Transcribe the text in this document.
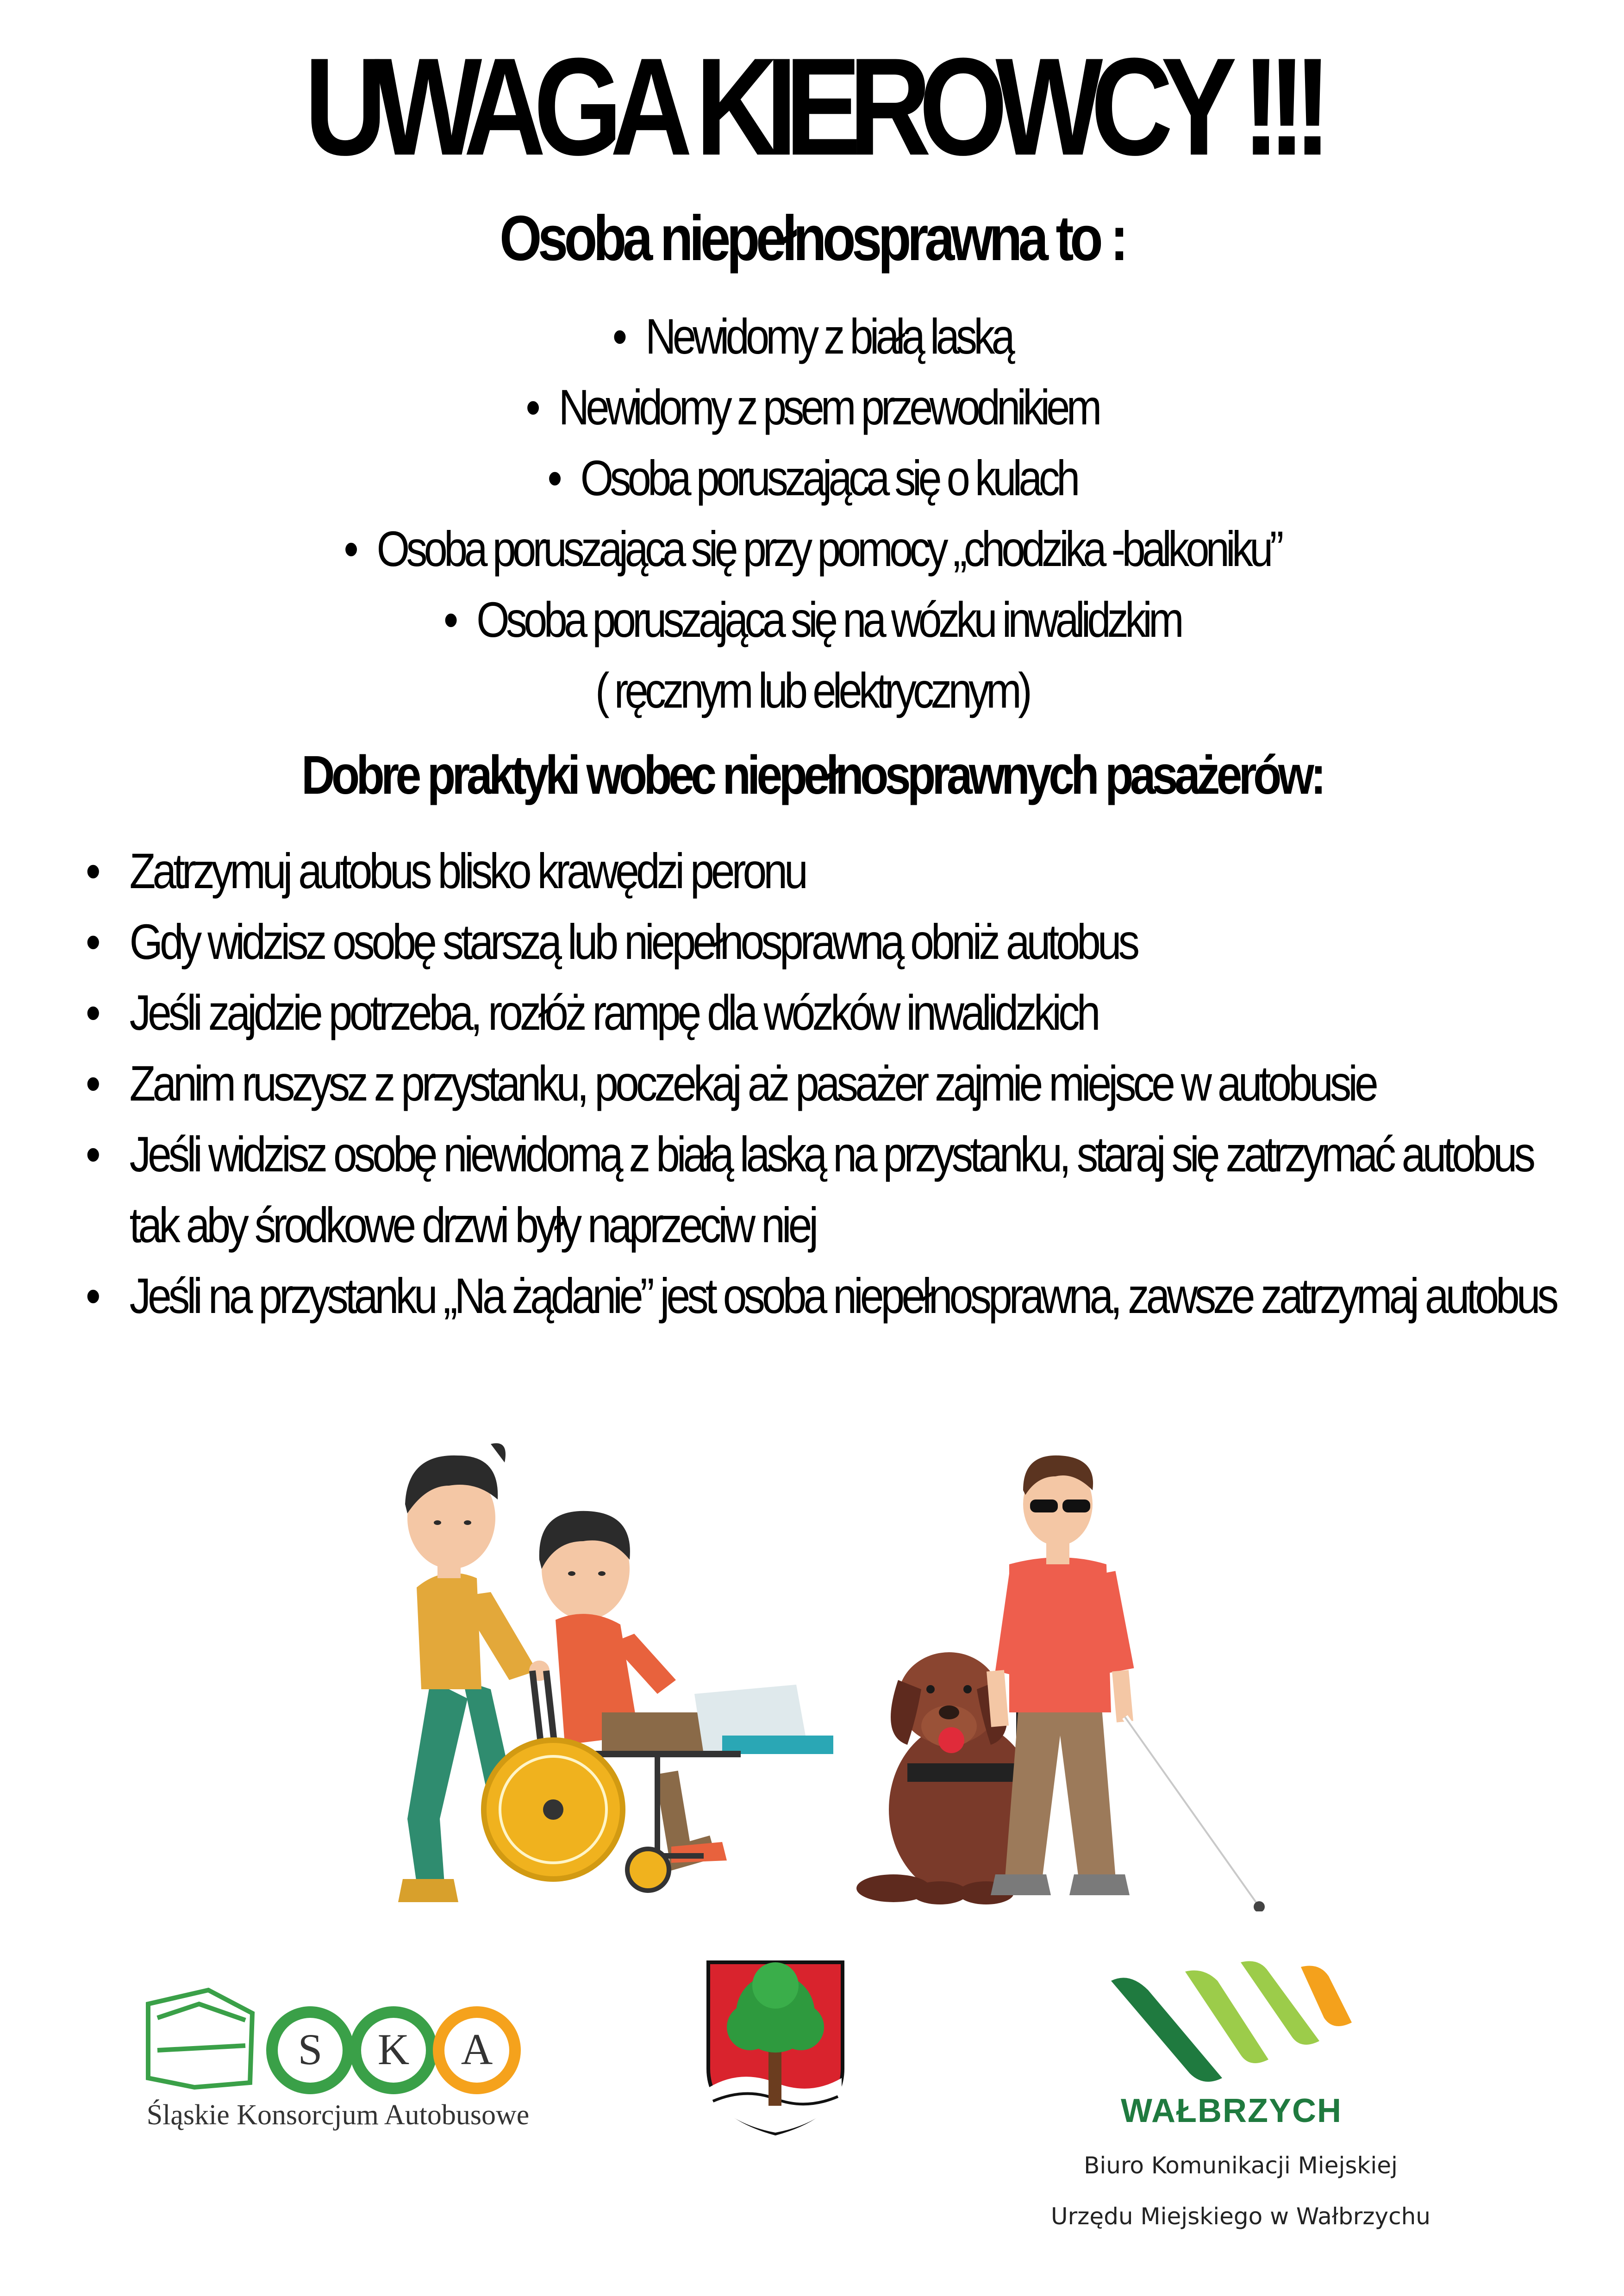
UWAGA KIEROWCY !!!
Osoba niepełnosprawna to :
• Newidomy z białą laską
• Newidomy z psem przewodnikiem
• Osoba poruszająca się o kulach
• Osoba poruszająca się przy pomocy „chodzika -balkoniku”
• Osoba poruszająca się na wózku inwalidzkim
( ręcznym lub elektrycznym)
Dobre praktyki wobec niepełnosprawnych pasażerów:
• Zatrzymuj autobus blisko krawędzi peronu
• Gdy widzisz osobę starszą lub niepełnosprawną obniż autobus
• Jeśli zajdzie potrzeba, rozłóż rampę dla wózków inwalidzkich
• Zanim ruszysz z przystanku, poczekaj aż pasażer zajmie miejsce w autobusie
• Jeśli widzisz osobę niewidomą z białą laską na przystanku, staraj się zatrzymać autobus tak aby środkowe drzwi były naprzeciw niej
• Jeśli na przystanku „Na żądanie” jest osoba niepełnosprawna, zawsze zatrzymaj autobus
S K A
Śląskie Konsorcjum Autobusowe	WAŁBRZYCH
Biuro Komunikacji Miejskiej
Urzędu Miejskiego w Wałbrzychu
